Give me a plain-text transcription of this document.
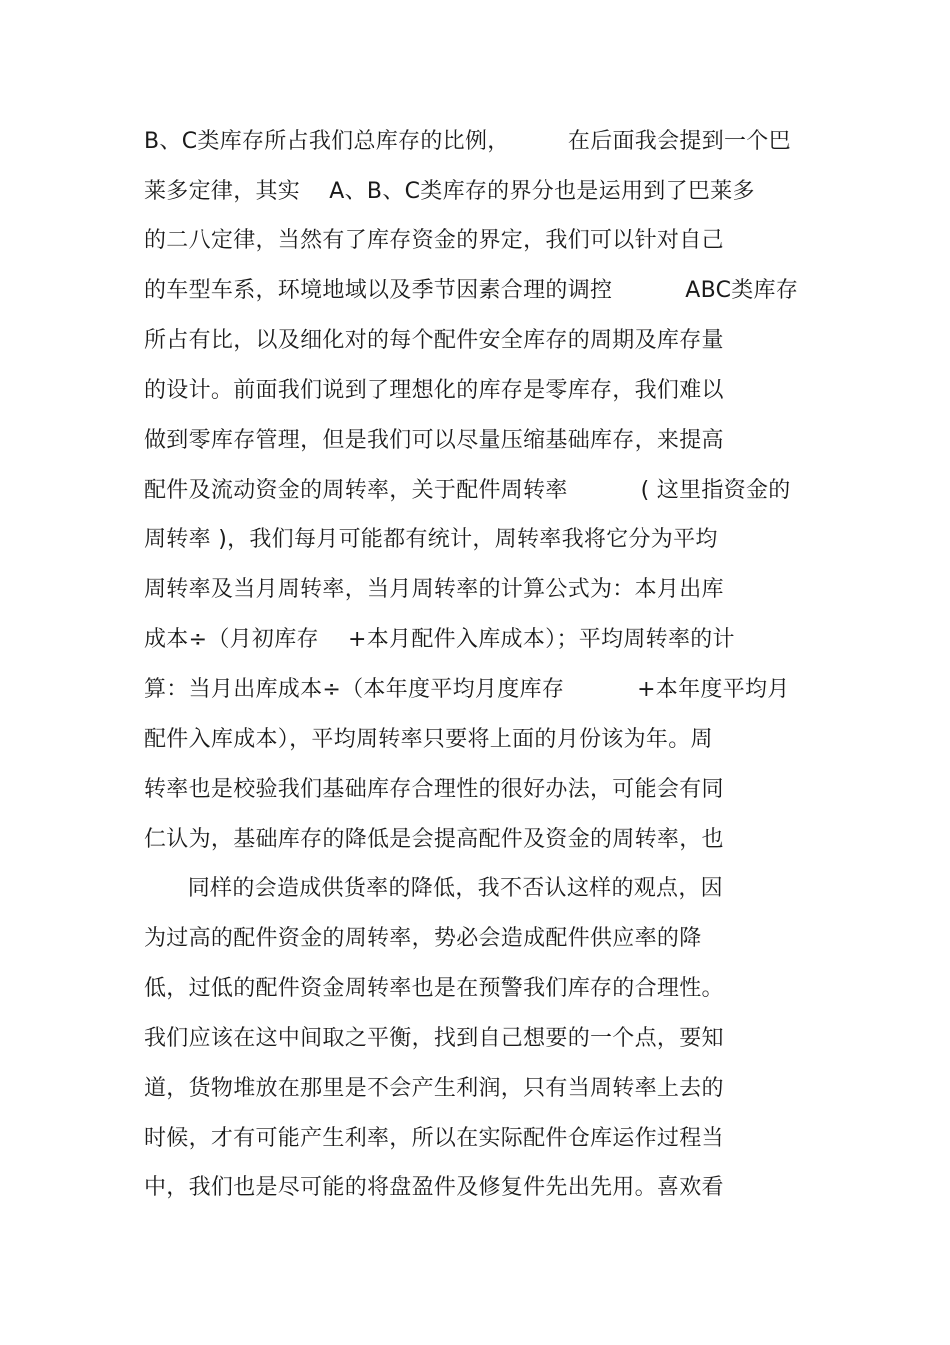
B、C类库存所占我们总库存的比例，        在后面我会提到一个巴
莱多定律，其实    A、B、C类库存的界分也是运用到了巴莱多
的二八定律，当然有了库存资金的界定，我们可以针对自己
的车型车系，环境地域以及季节因素合理的调控          ABC类库存
所占有比，以及细化对的每个配件安全库存的周期及库存量
的设计。前面我们说到了理想化的库存是零库存，我们难以
做到零库存管理，但是我们可以尽量压缩基础库存，来提高
配件及流动资金的周转率，关于配件周转率          ( 这里指资金的
周转率 )，我们每月可能都有统计，周转率我将它分为平均
周转率及当月周转率，当月周转率的计算公式为：本月出库
成本÷（月初库存    +本月配件入库成本）；平均周转率的计
算：当月出库成本÷（本年度平均月度库存          +本年度平均月
配件入库成本），平均周转率只要将上面的月份该为年。周
转率也是校验我们基础库存合理性的很好办法，可能会有同
仁认为，基础库存的降低是会提高配件及资金的周转率，也
同样的会造成供货率的降低，我不否认这样的观点，因
为过高的配件资金的周转率，势必会造成配件供应率的降
低，过低的配件资金周转率也是在预警我们库存的合理性。
我们应该在这中间取之平衡，找到自己想要的一个点，要知
道，货物堆放在那里是不会产生利润，只有当周转率上去的
时候，才有可能产生利率，所以在实际配件仓库运作过程当
中，我们也是尽可能的将盘盈件及修复件先出先用。喜欢看
